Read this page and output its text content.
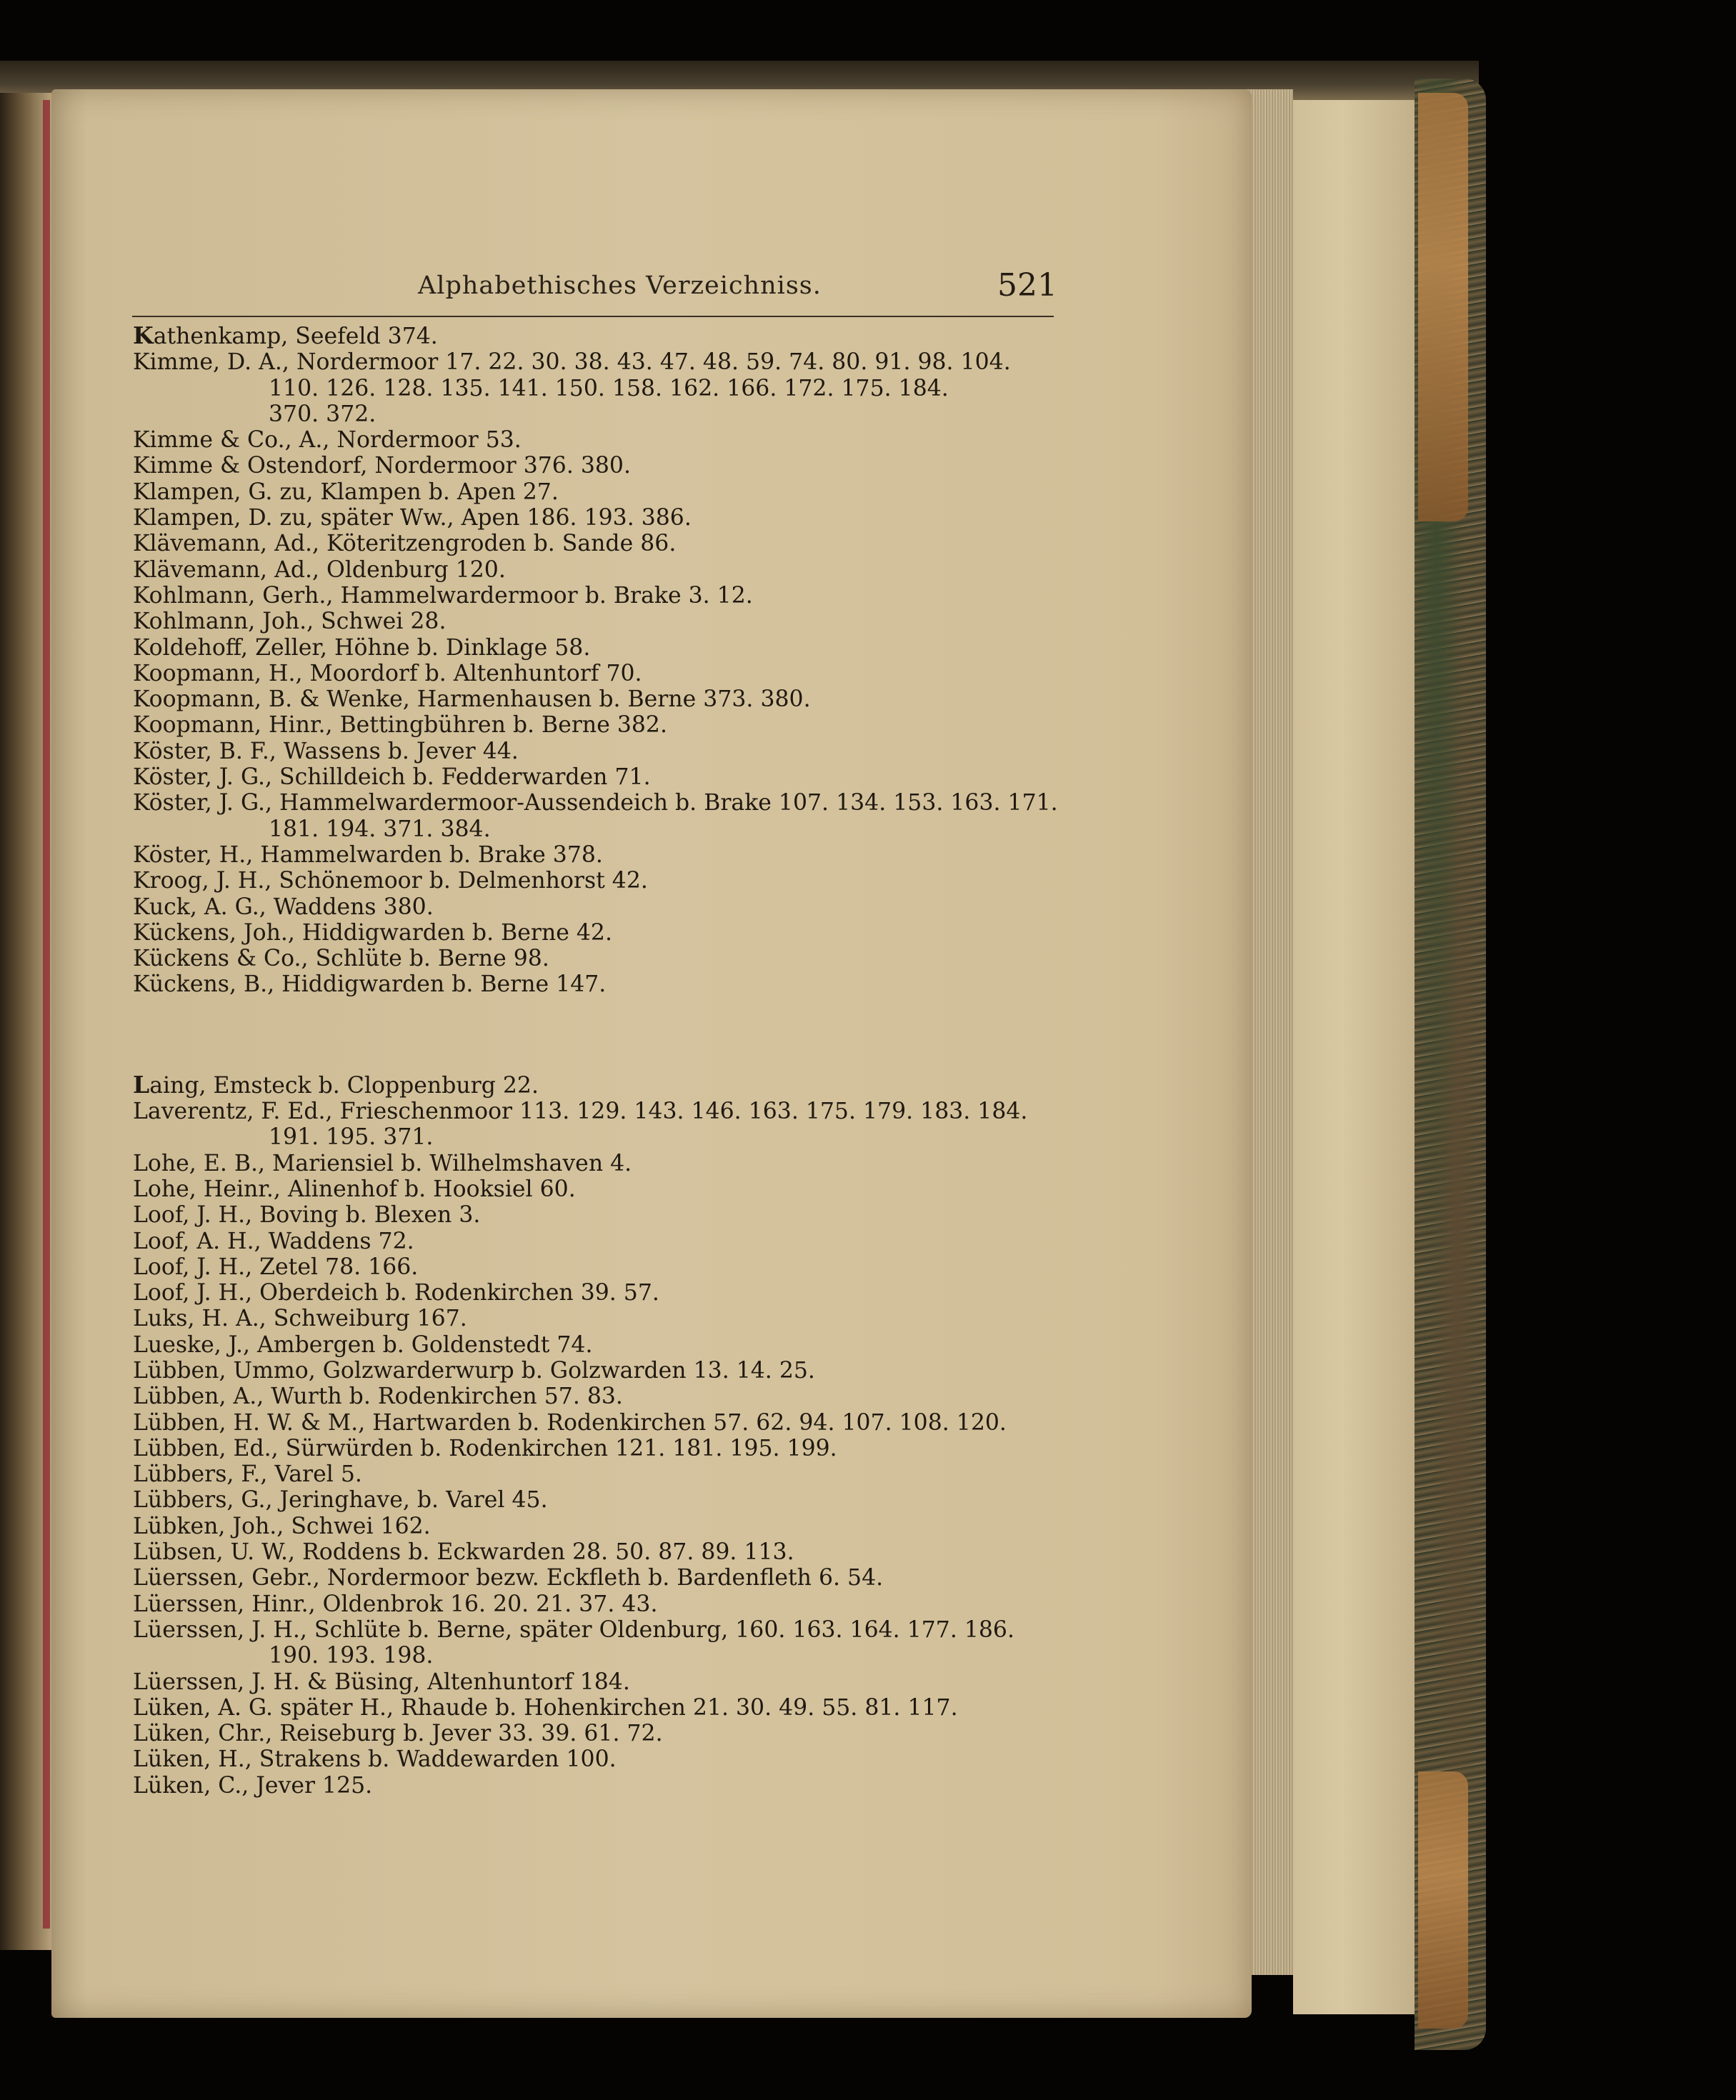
Alphabethisches Verzeichniss.	521
Kathenkamp, Seefeld 374.
Kimme, D. A., Nordermoor 17. 22. 30. 38. 43. 47. 48. 59. 74. 80. 91. 98. 104.
110. 126. 128. 135. 141. 150. 158. 162. 166. 172. 175. 184.
370. 372.
Kimme & Co., A., Nordermoor 53.
Kimme & Ostendorf, Nordermoor 376. 380.
Klampen, G. zu, Klampen b. Apen 27.
Klampen, D. zu, später Ww., Apen 186. 193. 386.
Klävemann, Ad., Köteritzengroden b. Sande 86.
Klävemann, Ad., Oldenburg 120.
Kohlmann, Gerh., Hammelwardermoor b. Brake 3. 12.
Kohlmann, Joh., Schwei 28.
Koldehoff, Zeller, Höhne b. Dinklage 58.
Koopmann, H., Moordorf b. Altenhuntorf 70.
Koopmann, B. & Wenke, Harmenhausen b. Berne 373. 380.
Koopmann, Hinr., Bettingbühren b. Berne 382.
Köster, B. F., Wassens b. Jever 44.
Köster, J. G., Schilldeich b. Fedderwarden 71.
Köster, J. G., Hammelwardermoor-Aussendeich b. Brake 107. 134. 153. 163. 171.
181. 194. 371. 384.
Köster, H., Hammelwarden b. Brake 378.
Kroog, J. H., Schönemoor b. Delmenhorst 42.
Kuck, A. G., Waddens 380.
Kückens, Joh., Hiddigwarden b. Berne 42.
Kückens & Co., Schlüte b. Berne 98.
Kückens, B., Hiddigwarden b. Berne 147.
Laing, Emsteck b. Cloppenburg 22.
Laverentz, F. Ed., Frieschenmoor 113. 129. 143. 146. 163. 175. 179. 183. 184.
191. 195. 371.
Lohe, E. B., Mariensiel b. Wilhelmshaven 4.
Lohe, Heinr., Alinenhof b. Hooksiel 60.
Loof, J. H., Boving b. Blexen 3.
Loof, A. H., Waddens 72.
Loof, J. H., Zetel 78. 166.
Loof, J. H., Oberdeich b. Rodenkirchen 39. 57.
Luks, H. A., Schweiburg 167.
Lueske, J., Ambergen b. Goldenstedt 74.
Lübben, Ummo, Golzwarderwurp b. Golzwarden 13. 14. 25.
Lübben, A., Wurth b. Rodenkirchen 57. 83.
Lübben, H. W. & M., Hartwarden b. Rodenkirchen 57. 62. 94. 107. 108. 120.
Lübben, Ed., Sürwürden b. Rodenkirchen 121. 181. 195. 199.
Lübbers, F., Varel 5.
Lübbers, G., Jeringhave, b. Varel 45.
Lübken, Joh., Schwei 162.
Lübsen, U. W., Roddens b. Eckwarden 28. 50. 87. 89. 113.
Lüerssen, Gebr., Nordermoor bezw. Eckfleth b. Bardenfleth 6. 54.
Lüerssen, Hinr., Oldenbrok 16. 20. 21. 37. 43.
Lüerssen, J. H., Schlüte b. Berne, später Oldenburg, 160. 163. 164. 177. 186.
190. 193. 198.
Lüerssen, J. H. & Büsing, Altenhuntorf 184.
Lüken, A. G. später H., Rhaude b. Hohenkirchen 21. 30. 49. 55. 81. 117.
Lüken, Chr., Reiseburg b. Jever 33. 39. 61. 72.
Lüken, H., Strakens b. Waddewarden 100.
Lüken, C., Jever 125.
